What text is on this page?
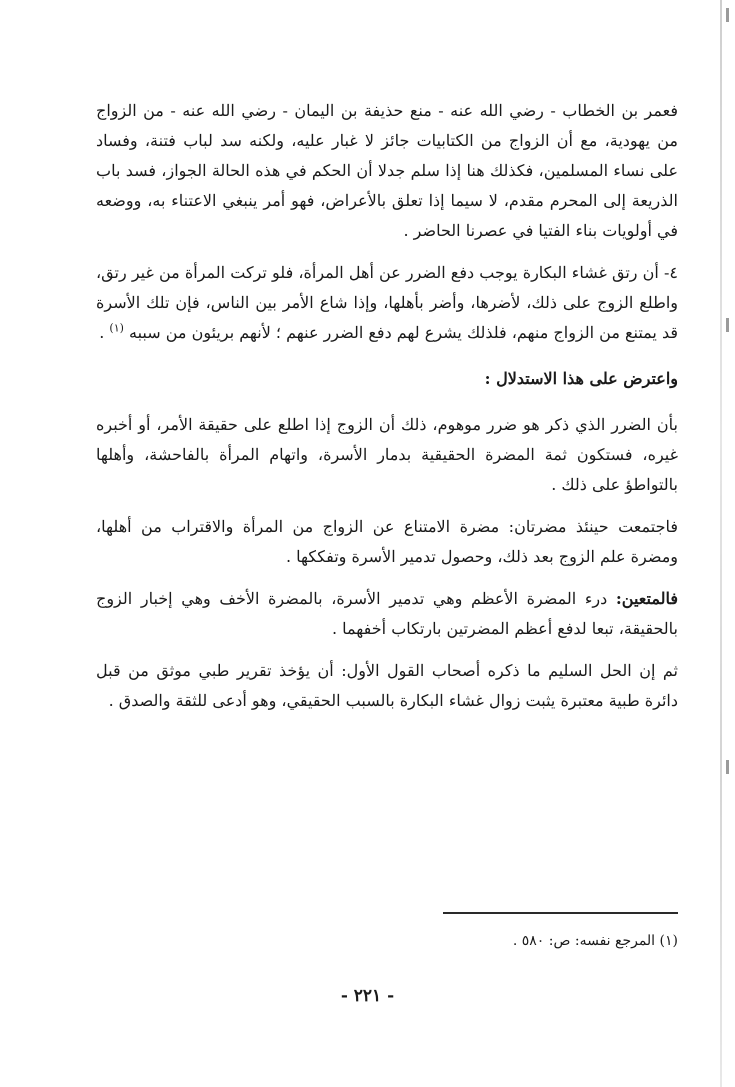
فعمر بن الخطاب - رضي الله عنه - منع حذيفة بن اليمان - رضي الله عنه - من الزواج من يهودية، مع أن الزواج من الكتابيات جائز لا غبار عليه، ولكنه سد لباب فتنة، وفساد على نساء المسلمين، فكذلك هنا إذا سلم جدلا أن الحكم في هذه الحالة الجواز، فسد باب الذريعة إلى المحرم مقدم، لا سيما إذا تعلق بالأعراض، فهو أمر ينبغي الاعتناء به، ووضعه في أولويات بناء الفتيا في عصرنا الحاضر .

٤- أن رتق غشاء البكارة يوجب دفع الضرر عن أهل المرأة، فلو تركت المرأة من غير رتق، واطلع الزوج على ذلك، لأضرها، وأضر بأهلها، وإذا شاع الأمر بين الناس، فإن تلك الأسرة قد يمتنع من الزواج منهم، فلذلك يشرع لهم دفع الضرر عنهم ؛ لأنهم بريئون من سببه $^{(١)}$ .

واعترض على هذا الاستدلال :

بأن الضرر الذي ذكر هو ضرر موهوم، ذلك أن الزوج إذا اطلع على حقيقة الأمر، أو أخبره غيره، فستكون ثمة المضرة الحقيقية بدمار الأسرة، واتهام المرأة بالفاحشة، وأهلها بالتواطؤ على ذلك .

فاجتمعت حينئذ مضرتان: مضرة الامتناع عن الزواج من المرأة والاقتراب من أهلها، ومضرة علم الزوج بعد ذلك، وحصول تدمير الأسرة وتفككها .

فالمتعين: درء المضرة الأعظم وهي تدمير الأسرة، بالمضرة الأخف وهي إخبار الزوج بالحقيقة، تبعا لدفع أعظم المضرتين بارتكاب أخفهما .

ثم إن الحل السليم ما ذكره أصحاب القول الأول: أن يؤخذ تقرير طبي موثق من قبل دائرة طبية معتبرة يثبت زوال غشاء البكارة بالسبب الحقيقي، وهو أدعى للثقة والصدق .

(١) المرجع نفسه: ص: ٥٨٠ .
- ٢٢١ -
